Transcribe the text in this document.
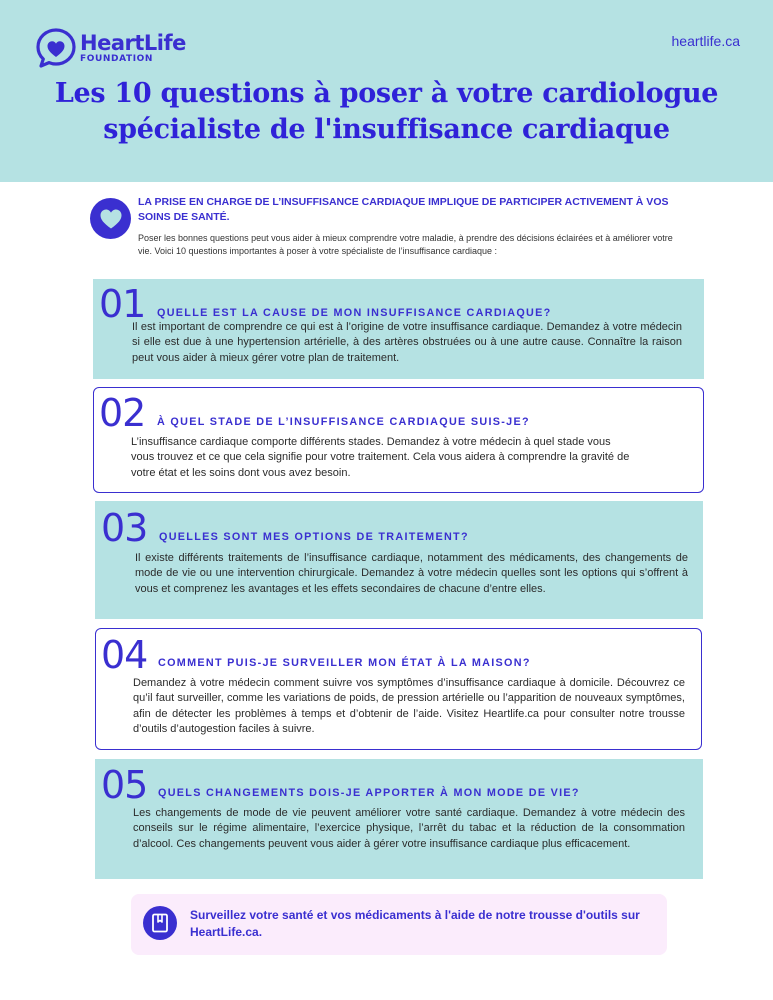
HeartLife
FOUNDATION
heartlife.ca
Les 10 questions à poser à votre cardiologue
spécialiste de l'insuffisance cardiaque
LA PRISE EN CHARGE DE L’INSUFFISANCE CARDIAQUE IMPLIQUE DE PARTICIPER ACTIVEMENT À VOS SOINS DE SANTÉ.
Poser les bonnes questions peut vous aider à mieux comprendre votre maladie, à prendre des décisions éclairées et à améliorer votre vie. Voici 10 questions importantes à poser à votre spécialiste de l’insuffisance cardiaque :
01 QUELLE EST LA CAUSE DE MON INSUFFISANCE CARDIAQUE?
Il est important de comprendre ce qui est à l’origine de votre insuffisance cardiaque. Demandez à votre médecin si elle est due à une hypertension artérielle, à des artères obstruées ou à une autre cause. Connaître la raison peut vous aider à mieux gérer votre plan de traitement.
02 À QUEL STADE DE L’INSUFFISANCE CARDIAQUE SUIS-JE?
L’insuffisance cardiaque comporte différents stades. Demandez à votre médecin à quel stade vous vous trouvez et ce que cela signifie pour votre traitement. Cela vous aidera à comprendre la gravité de votre état et les soins dont vous avez besoin.
03 QUELLES SONT MES OPTIONS DE TRAITEMENT?
Il existe différents traitements de l’insuffisance cardiaque, notamment des médicaments, des changements de mode de vie ou une intervention chirurgicale. Demandez à votre médecin quelles sont les options qui s’offrent à vous et comprenez les avantages et les effets secondaires de chacune d’entre elles.
04 COMMENT PUIS-JE SURVEILLER MON ÉTAT À LA MAISON?
Demandez à votre médecin comment suivre vos symptômes d’insuffisance cardiaque à domicile. Découvrez ce qu’il faut surveiller, comme les variations de poids, de pression artérielle ou l’apparition de nouveaux symptômes, afin de détecter les problèmes à temps et d’obtenir de l’aide. Visitez Heartlife.ca pour consulter notre trousse d’outils d’autogestion faciles à suivre.
05 QUELS CHANGEMENTS DOIS-JE APPORTER À MON MODE DE VIE?
Les changements de mode de vie peuvent améliorer votre santé cardiaque. Demandez à votre médecin des conseils sur le régime alimentaire, l’exercice physique, l’arrêt du tabac et la réduction de la consommation d’alcool. Ces changements peuvent vous aider à gérer votre insuffisance cardiaque plus efficacement.
Surveillez votre santé et vos médicaments à l'aide de notre trousse d'outils sur HeartLife.ca.
